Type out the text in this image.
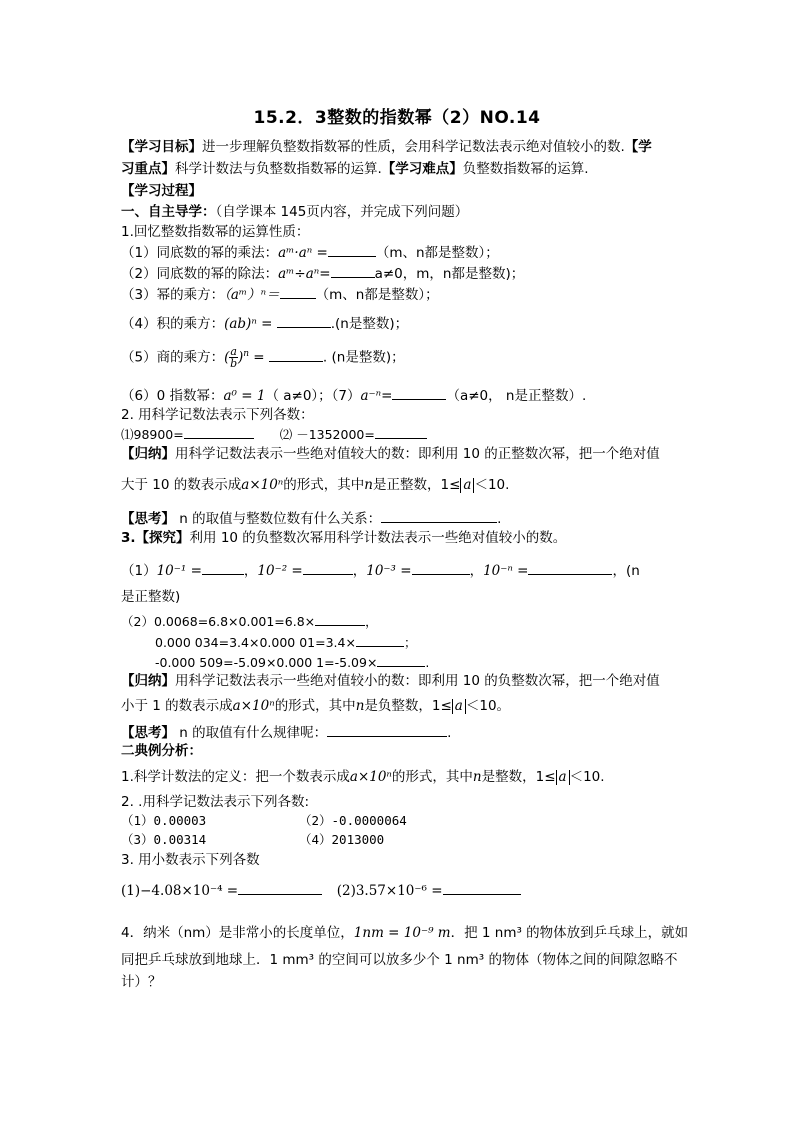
15.2．3整数的指数幂（2）NO.14
【学习目标】进一步理解负整数指数幂的性质，会用科学记数法表示绝对值较小的数.【学
习重点】科学计数法与负整数指数幂的运算.【学习难点】负整数指数幂的运算.
【学习过程】
一、自主导学：（自学课本 145页内容，并完成下列问题）
1.回忆整数指数幂的运算性质：
（1）同底数的幂的乘法：aᵐ·aⁿ =	（m、n都是整数）；
（2）同底数的幂的除法：aᵐ÷aⁿ=	a≠0，m，n都是整数)；
（3）幂的乘方：（aᵐ）ⁿ＝	（m、n都是整数）；
（4）积的乘方：(ab)ⁿ =	.(n是整数)；
（5）商的乘方：( $\frac{a}{b} )^n$ =	. (n是整数)；
（6）0 指数幂：a⁰ = 1（ a≠0）；（7）a⁻ⁿ=	（a≠0， n是正整数）.
2. 用科学记数法表示下列各数：
⑴98900=	⑵ －1352000=
【归纳】用科学记数法表示一些绝对值较大的数：即利用 10 的正整数次幂，把一个绝对值
大于 10 的数表示成a×10ⁿ的形式，其中n是正整数，1≤ a ＜10.
【思考】 n 的取值与整数位数有什么关系：	.
3.【探究】利用 10 的负整数次幂用科学计数法表示一些绝对值较小的数。
（1）10⁻¹ =	，10⁻² =	，10⁻³ =	，10⁻ⁿ =	，(n
是正整数)
（2）0.0068=6.8×0.001=6.8×	，
0.000 034=3.4×0.000 01=3.4×	；
-0.000 509=-5.09×0.000 1=-5.09×	.
【归纳】用科学记数法表示一些绝对值较小的数：即利用 10 的负整数次幂，把一个绝对值
小于 1 的数表示成a×10ⁿ的形式，其中n是负整数，1≤ a ＜10。
【思考】 n 的取值有什么规律呢：	.
二典例分析：
1.科学计数法的定义：把一个数表示成a×10ⁿ的形式，其中n是整数，1≤ a ＜10.
2. .用科学记数法表示下列各数:
（1）0.00003	（2）-0.0000064
（3）0.00314	（4）2013000
3. 用小数表示下列各数
(1)−4.08×10⁻⁴ =	(2)3.57×10⁻⁶ =
4．纳米（nm）是非常小的长度单位，1nm = 10⁻⁹ m．把 1 nm³ 的物体放到乒乓球上，就如
同把乒乓球放到地球上．1 mm³ 的空间可以放多少个 1 nm³ 的物体（物体之间的间隙忽略不
计）？
